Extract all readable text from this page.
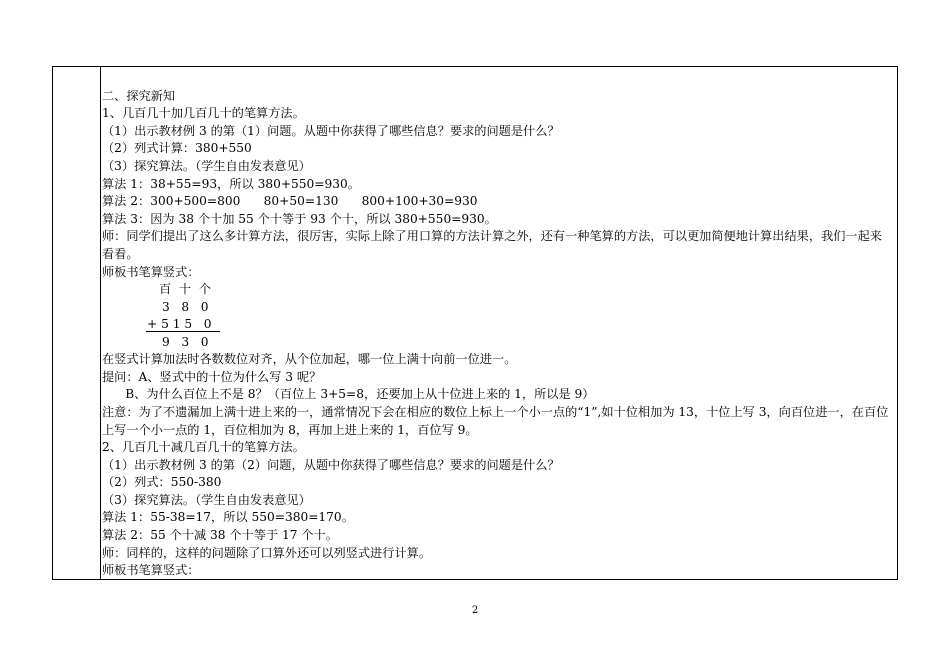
二、探究新知
1、几百几十加几百几十的笔算方法。
（1）出示教材例 3 的第（1）问题。从题中你获得了哪些信息？要求的问题是什么？
（2）列式计算：380+550
（3）探究算法。（学生自由发表意见）
算法 1：38+55=93，所以 380+550=930。
算法 2：300+500=800      80+50=130      800+100+30=930
算法 3：因为 38 个十加 55 个十等于 93 个十，所以 380+550=930。
师：同学们提出了这么多计算方法，很厉害，实际上除了用口算的方法计算之外，还有一种笔算的方法，可以更加简便地计算出结果，我们一起来看看。
师板书笔算竖式：
百  十  个
3   8   0
+ 5 1 5   0
9   3   0
在竖式计算加法时各数数位对齐，从个位加起，哪一位上满十向前一位进一。
提问：A、竖式中的十位为什么写 3 呢？
B、为什么百位上不是 8？（百位上 3+5=8，还要加上从十位进上来的 1，所以是 9）
注意：为了不遗漏加上满十进上来的一，通常情况下会在相应的数位上标上一个小一点的“1”,如十位相加为 13，十位上写 3，向百位进一，在百位上写一个小一点的 1，百位相加为 8，再加上进上来的 1，百位写 9。
2、几百几十减几百几十的笔算方法。
（1）出示教材例 3 的第（2）问题，从题中你获得了哪些信息？要求的问题是什么？
（2）列式：550-380
（3）探究算法。（学生自由发表意见）
算法 1：55-38=17，所以 550=380=170。
算法 2：55 个十减 38 个十等于 17 个十。
师：同样的，这样的问题除了口算外还可以列竖式进行计算。
师板书笔算竖式：
2
